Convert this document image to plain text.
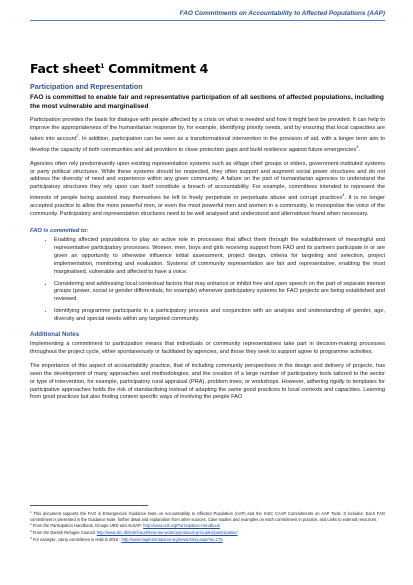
FAO Commitments on Accountability to Affected Populations (AAP)
Fact sheet$^1$ Commitment 4
Participation and Representation
FAO is committed to enable fair and representative participation of all sections of affected populations, including the most vulnerable and marginalised

Participation provides the basis for dialogue with people affected by a crisis on what is needed and how it might best be provided. It can help to improve the appropriateness of the humanitarian response by, for example, identifying priority needs, and by ensuring that local capacities are taken into account$^2$. In addition, participation can be seen as a transformational intervention in the provision of aid, with a longer term aim to develop the capacity of both communities and aid providers to close protection gaps and build resilience against future emergencies$^3$.

Agencies often rely predominantly upon existing representation systems such as village chief groups or elders, government instituted systems or party political structures. While these systems should be respected, they often support and augment social power structures and do not address the diversity of need and experience within any given community. A failure on the part of humanitarian agencies to understand the participatory structures they rely upon can itself constitute a breach of accountability. For example, committees intended to represent the interests of people being assisted may themselves be left to freely perpetrate or perpetuate abuse and corrupt practices$^4$. It is no longer accepted practice to allow the more powerful men, or even the most powerful men and women in a community, to monopolise the voice of the community. Participatory and representation structures need to be well analysed and understood and alternatives found when necessary.

FAO is committed to:
• Enabling affected populations to play an active role in processes that affect them through the establishment of meaningful and representative participatory processes. Women, men, boys and girls receiving support from FAO and its partners participate in or are given an opportunity to otherwise influence initial assessment, project design, criteria for targeting and selection, project implementation, monitoring and evaluation. Systems of community representation are fair and representative, enabling the most marginalised, vulnerable and affected to have a voice.
• Considering and addressing local contextual factors that may enhance or inhibit free and open speech on the part of separate interest groups (power, social or gender differentials, for example) whenever participatory systems for FAO projects are being established and reviewed.
• Identifying programme participants in a participatory process and conjunction with an analysis and understanding of gender, age, diversity and special needs within any targeted community.
Additional Notes

Implementing a commitment to participation means that individuals or community representatives take part in decision-making processes throughout the project cycle, either spontaneously or facilitated by agencies, and those they seek to support agree to programme activities.

The importance of this aspect of accountability practice, that of including community perspectives in the design and delivery of projects, has seen the development of many approaches and methodologies, and the creation of a large number of participatory tools tailored to the sector or type of intervention, for example, participatory rural appraisal (PRA), problem trees, or workshops. However, adhering rigidly to templates for participative approaches holds the risk of standardising instead of adapting the same good practices to local contexts and capacities. Learning from good practices but also finding context specific ways of involving the people FAO

$^1$ This document supports the FAO in Emergencies Guidance Note on Accountability to Affected Population (AAP) and the IASC CAAP Commitments on AAP Tools. It includes: Each FAO commitment is presented in the Guidance Note, further detail and explanation from other sources, Case studies and examples on each commitment in practice, and Links to external resources.

$^2$ From the Participation Handbook, Groupe URD and ALNAP: http://www.urd.org/Participation-Handbook

$^3$ From the Danish Refugee Council: http://www.drc.dk/relief-work/how-we-work/operational-principles/participation/

$^4$ For example, camp committees in Haiti in 2010 : http://www.hapinternational.org/news/story.aspx?id=175
